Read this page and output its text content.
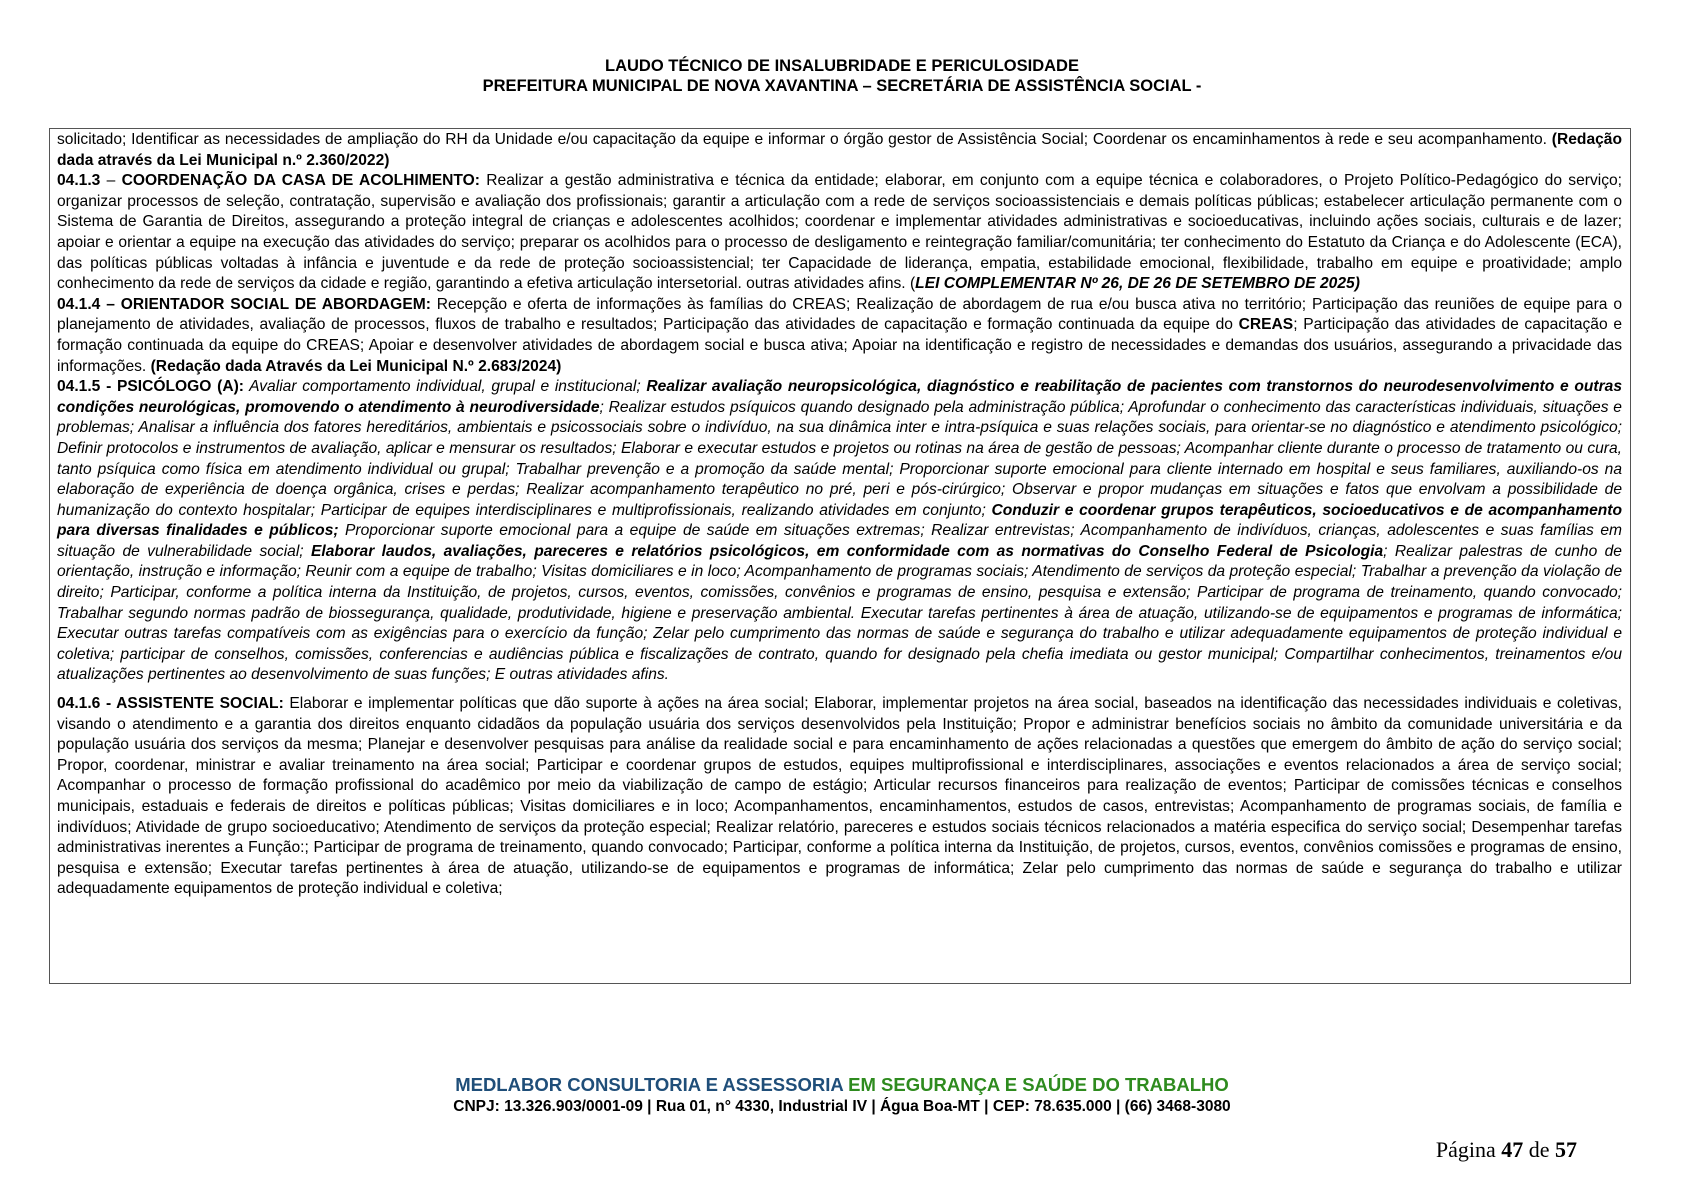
LAUDO TÉCNICO DE INSALUBRIDADE E PERICULOSIDADE
PREFEITURA MUNICIPAL DE NOVA XAVANTINA – SECRETÁRIA DE ASSISTÊNCIA SOCIAL -

solicitado; Identificar as necessidades de ampliação do RH da Unidade e/ou capacitação da equipe e informar o órgão gestor de Assistência Social; Coordenar os encaminhamentos à rede e seu acompanhamento. (Redação dada através da Lei Municipal n.º 2.360/2022)

04.1.3 – COORDENAÇÃO DA CASA DE ACOLHIMENTO: Realizar a gestão administrativa e técnica da entidade; elaborar, em conjunto com a equipe técnica e colaboradores, o Projeto Político-Pedagógico do serviço; organizar processos de seleção, contratação, supervisão e avaliação dos profissionais; garantir a articulação com a rede de serviços socioassistenciais e demais políticas públicas; estabelecer articulação permanente com o Sistema de Garantia de Direitos, assegurando a proteção integral de crianças e adolescentes acolhidos; coordenar e implementar atividades administrativas e socioeducativas, incluindo ações sociais, culturais e de lazer; apoiar e orientar a equipe na execução das atividades do serviço; preparar os acolhidos para o processo de desligamento e reintegração familiar/comunitária; ter conhecimento do Estatuto da Criança e do Adolescente (ECA), das políticas públicas voltadas à infância e juventude e da rede de proteção socioassistencial; ter Capacidade de liderança, empatia, estabilidade emocional, flexibilidade, trabalho em equipe e proatividade; amplo conhecimento da rede de serviços da cidade e região, garantindo a efetiva articulação intersetorial. outras atividades afins. (LEI COMPLEMENTAR Nº 26, DE 26 DE SETEMBRO DE 2025)

04.1.4 – ORIENTADOR SOCIAL DE ABORDAGEM: Recepção e oferta de informações às famílias do CREAS; Realização de abordagem de rua e/ou busca ativa no território; Participação das reuniões de equipe para o planejamento de atividades, avaliação de processos, fluxos de trabalho e resultados; Participação das atividades de capacitação e formação continuada da equipe do CREAS; Participação das atividades de capacitação e formação continuada da equipe do CREAS; Apoiar e desenvolver atividades de abordagem social e busca ativa; Apoiar na identificação e registro de necessidades e demandas dos usuários, assegurando a privacidade das informações. (Redação dada Através da Lei Municipal N.º 2.683/2024)

04.1.5 - PSICÓLOGO (A): Avaliar comportamento individual, grupal e institucional; Realizar avaliação neuropsicológica, diagnóstico e reabilitação de pacientes com transtornos do neurodesenvolvimento e outras condições neurológicas, promovendo o atendimento à neurodiversidade; Realizar estudos psíquicos quando designado pela administração pública; Aprofundar o conhecimento das características individuais, situações e problemas; Analisar a influência dos fatores hereditários, ambientais e psicossociais sobre o indivíduo, na sua dinâmica inter e intra-psíquica e suas relações sociais, para orientar-se no diagnóstico e atendimento psicológico; Definir protocolos e instrumentos de avaliação, aplicar e mensurar os resultados; Elaborar e executar estudos e projetos ou rotinas na área de gestão de pessoas; Acompanhar cliente durante o processo de tratamento ou cura, tanto psíquica como física em atendimento individual ou grupal; Trabalhar prevenção e a promoção da saúde mental; Proporcionar suporte emocional para cliente internado em hospital e seus familiares, auxiliando-os na elaboração de experiência de doença orgânica, crises e perdas; Realizar acompanhamento terapêutico no pré, peri e pós-cirúrgico; Observar e propor mudanças em situações e fatos que envolvam a possibilidade de humanização do contexto hospitalar; Participar de equipes interdisciplinares e multiprofissionais, realizando atividades em conjunto; Conduzir e coordenar grupos terapêuticos, socioeducativos e de acompanhamento para diversas finalidades e públicos; Proporcionar suporte emocional para a equipe de saúde em situações extremas; Realizar entrevistas; Acompanhamento de indivíduos, crianças, adolescentes e suas famílias em situação de vulnerabilidade social; Elaborar laudos, avaliações, pareceres e relatórios psicológicos, em conformidade com as normativas do Conselho Federal de Psicologia; Realizar palestras de cunho de orientação, instrução e informação; Reunir com a equipe de trabalho; Visitas domiciliares e in loco; Acompanhamento de programas sociais; Atendimento de serviços da proteção especial; Trabalhar a prevenção da violação de direito; Participar, conforme a política interna da Instituição, de projetos, cursos, eventos, comissões, convênios e programas de ensino, pesquisa e extensão; Participar de programa de treinamento, quando convocado; Trabalhar segundo normas padrão de biossegurança, qualidade, produtividade, higiene e preservação ambiental. Executar tarefas pertinentes à área de atuação, utilizando-se de equipamentos e programas de informática; Executar outras tarefas compatíveis com as exigências para o exercício da função; Zelar pelo cumprimento das normas de saúde e segurança do trabalho e utilizar adequadamente equipamentos de proteção individual e coletiva; participar de conselhos, comissões, conferencias e audiências pública e fiscalizações de contrato, quando for designado pela chefia imediata ou gestor municipal; Compartilhar conhecimentos, treinamentos e/ou atualizações pertinentes ao desenvolvimento de suas funções; E outras atividades afins.

04.1.6 - ASSISTENTE SOCIAL: Elaborar e implementar políticas que dão suporte à ações na área social; Elaborar, implementar projetos na área social, baseados na identificação das necessidades individuais e coletivas, visando o atendimento e a garantia dos direitos enquanto cidadãos da população usuária dos serviços desenvolvidos pela Instituição; Propor e administrar benefícios sociais no âmbito da comunidade universitária e da população usuária dos serviços da mesma; Planejar e desenvolver pesquisas para análise da realidade social e para encaminhamento de ações relacionadas a questões que emergem do âmbito de ação do serviço social; Propor, coordenar, ministrar e avaliar treinamento na área social; Participar e coordenar grupos de estudos, equipes multiprofissional e interdisciplinares, associações e eventos relacionados a área de serviço social; Acompanhar o processo de formação profissional do acadêmico por meio da viabilização de campo de estágio; Articular recursos financeiros para realização de eventos; Participar de comissões técnicas e conselhos municipais, estaduais e federais de direitos e políticas públicas; Visitas domiciliares e in loco; Acompanhamentos, encaminhamentos, estudos de casos, entrevistas; Acompanhamento de programas sociais, de família e indivíduos; Atividade de grupo socioeducativo; Atendimento de serviços da proteção especial; Realizar relatório, pareceres e estudos sociais técnicos relacionados a matéria especifica do serviço social; Desempenhar tarefas administrativas inerentes a Função:; Participar de programa de treinamento, quando convocado; Participar, conforme a política interna da Instituição, de projetos, cursos, eventos, convênios comissões e programas de ensino, pesquisa e extensão; Executar tarefas pertinentes à área de atuação, utilizando-se de equipamentos e programas de informática; Zelar pelo cumprimento das normas de saúde e segurança do trabalho e utilizar adequadamente equipamentos de proteção individual e coletiva;

MEDLABOR CONSULTORIA E ASSESSORIA EM SEGURANÇA E SAÚDE DO TRABALHO
CNPJ: 13.326.903/0001-09 | Rua 01, n° 4330, Industrial IV | Água Boa-MT | CEP: 78.635.000 | (66) 3468-3080
Página 47 de 57
